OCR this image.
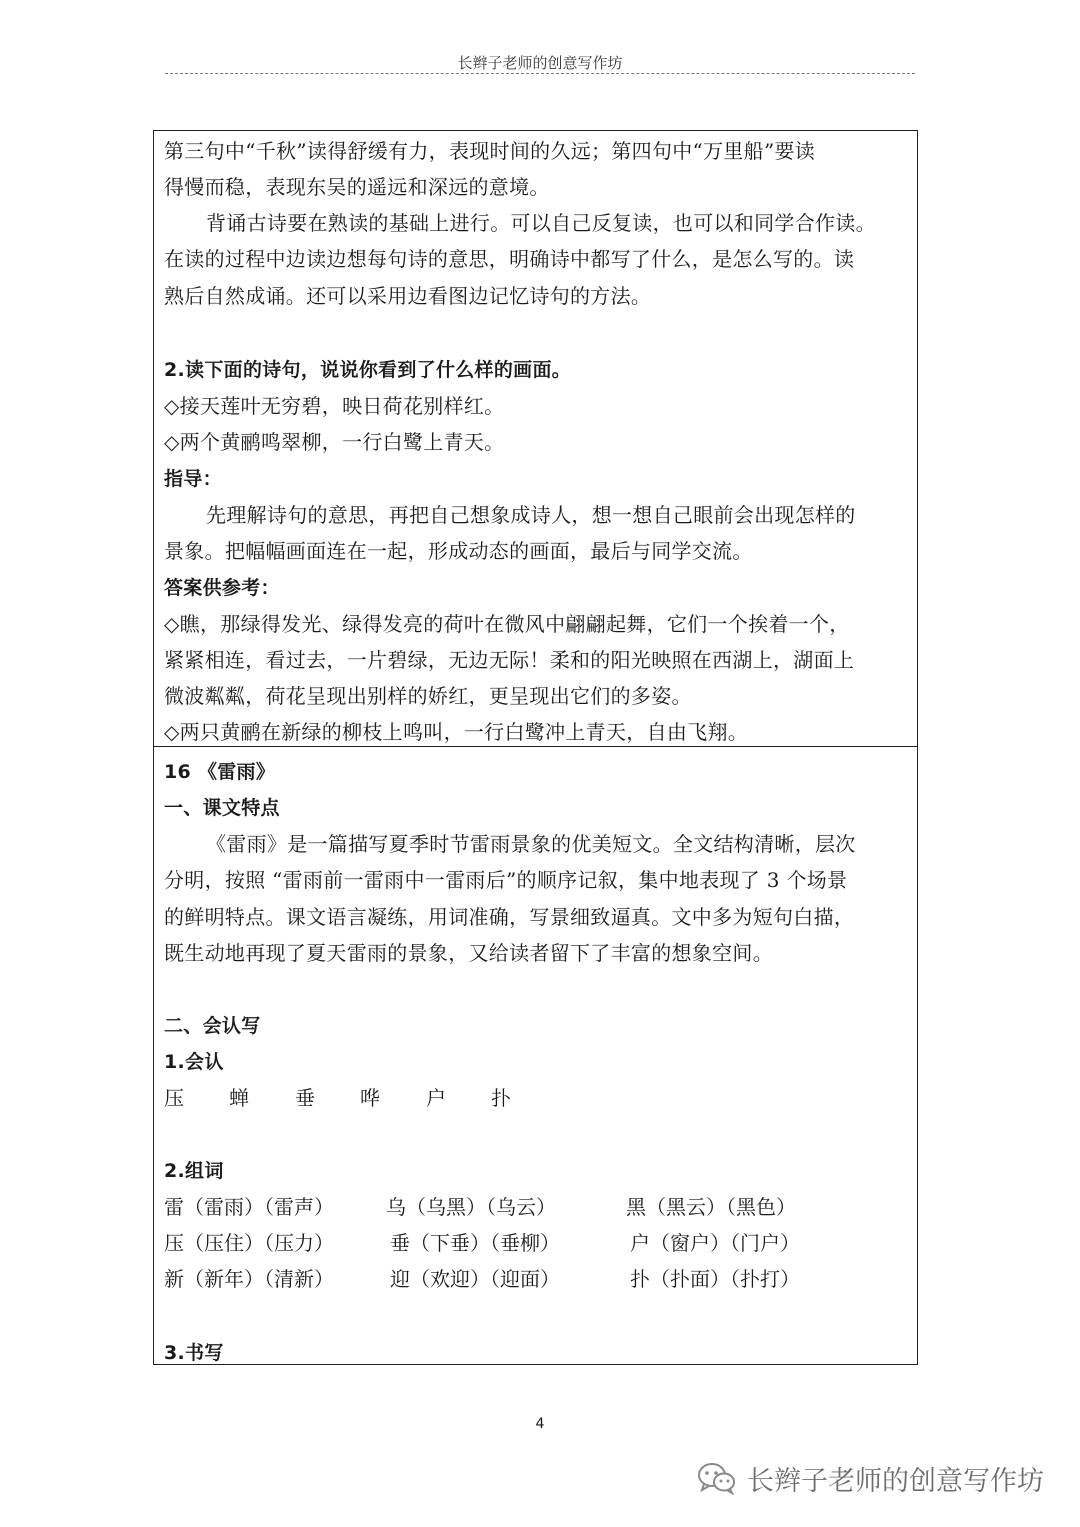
长辫子老师的创意写作坊
第三句中“千秋”读得舒缓有力，表现时间的久远；第四句中“万里船”要读
得慢而稳，表现东吴的遥远和深远的意境。
背诵古诗要在熟读的基础上进行。可以自己反复读，也可以和同学合作读。
在读的过程中边读边想每句诗的意思，明确诗中都写了什么，是怎么写的。读
熟后自然成诵。还可以采用边看图边记忆诗句的方法。
2.读下面的诗句，说说你看到了什么样的画面。
◇接天莲叶无穷碧，映日荷花别样红。
◇两个黄鹂鸣翠柳，一行白鹭上青天。
指导：
先理解诗句的意思，再把自己想象成诗人，想一想自己眼前会出现怎样的
景象。把幅幅画面连在一起，形成动态的画面，最后与同学交流。
答案供参考：
◇瞧，那绿得发光、绿得发亮的荷叶在微风中翩翩起舞，它们一个挨着一个，
紧紧相连，看过去，一片碧绿，无边无际！柔和的阳光映照在西湖上，湖面上
微波粼粼，荷花呈现出别样的娇红，更呈现出它们的多姿。
◇两只黄鹂在新绿的柳枝上鸣叫，一行白鹭冲上青天，自由飞翔。
16 《雷雨》
一、课文特点
《雷雨》是一篇描写夏季时节雷雨景象的优美短文。全文结构清晰，层次
分明，按照 “雷雨前一雷雨中一雷雨后”的顺序记叙，集中地表现了 3 个场景
的鲜明特点。课文语言凝练，用词准确，写景细致逼真。文中多为短句白描，
既生动地再现了夏天雷雨的景象，又给读者留下了丰富的想象空间。
二、会认写
1.会认
压 蝉 垂 哗 户 扑
2.组词
雷（雷雨）（雷声）	乌（乌黑）（乌云）	黑（黑云）（黑色）
压（压住）（压力）	垂（下垂）（垂柳）	户（窗户）（门户）
新（新年）（清新）	迎（欢迎）（迎面）	扑（扑面）（扑打）
3.书写
4
长辫子老师的创意写作坊
